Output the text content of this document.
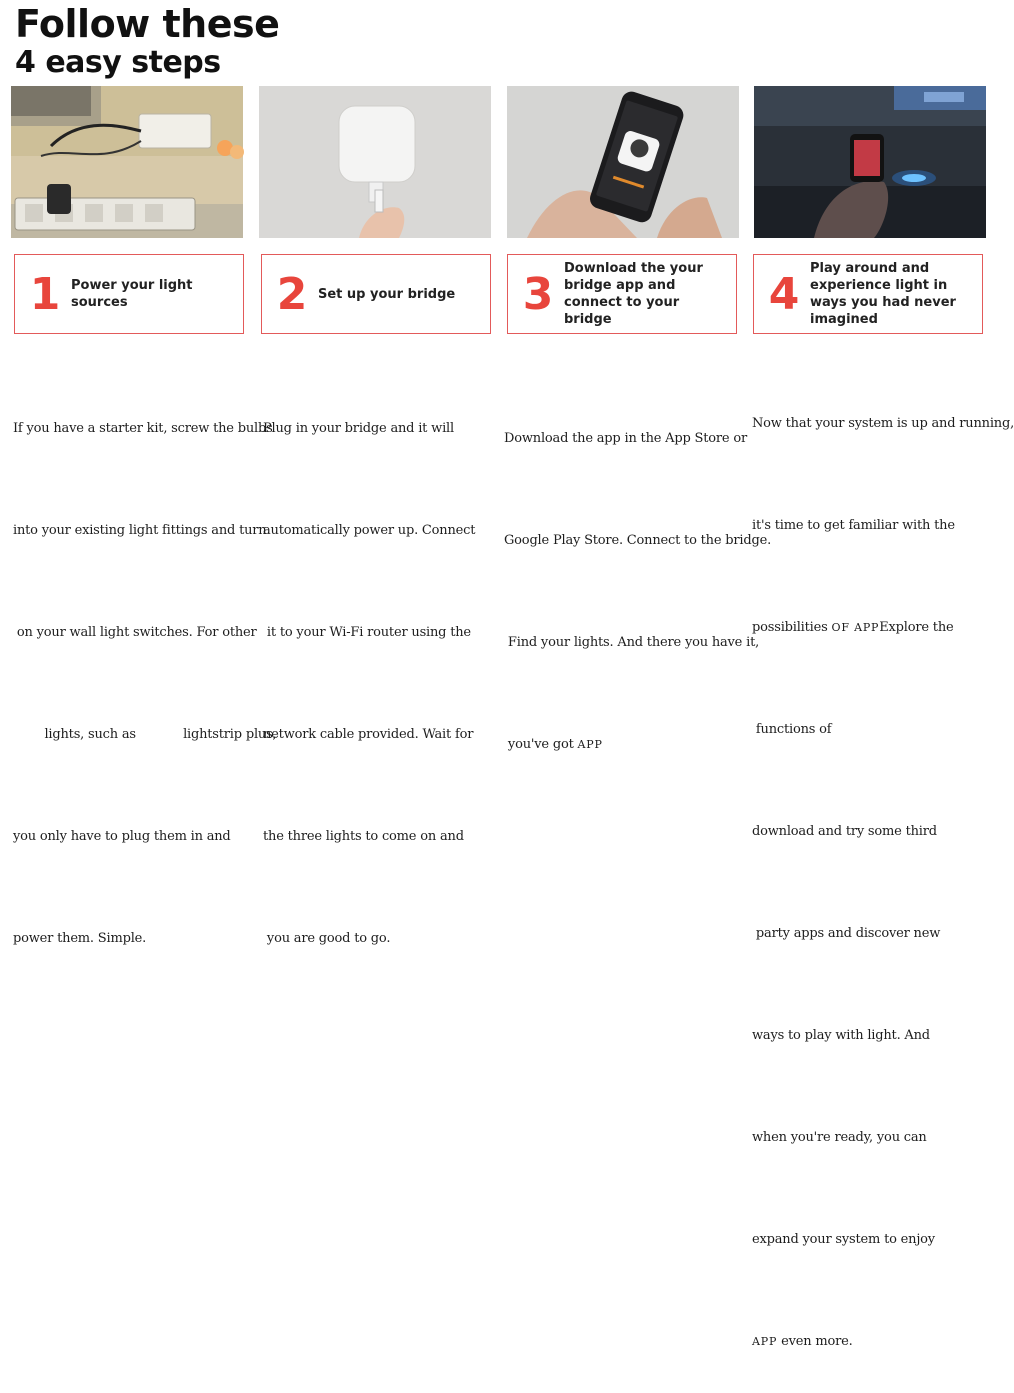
Follow these
4 easy steps
1 Power your light sources	2 Set up your bridge 3 Download the your bridge app and connect to your bridge	4 Play around and experience light in ways you had never imagined

If you have a starter kit, screw the bulbs

into your existing light fittings and turn

on your wall light switches. For other

lights, such as            lightstrip plus,

you only have to plug them in and

power them. Simple.

Plug in your bridge and it will

automatically power up. Connect

it to your Wi-Fi router using the

network cable provided. Wait for

the three lights to come on and

you are good to go.

Download the app in the App Store or

Google Play Store. Connect to the bridge.

Find your lights. And there you have it,

you've got APP

Now that your system is up and running,

it's time to get familiar with the

possibilities OF APPExplore the

functions of

download and try some third

party apps and discover new

ways to play with light. And

when you're ready, you can

expand your system to enjoy

APP even more.
